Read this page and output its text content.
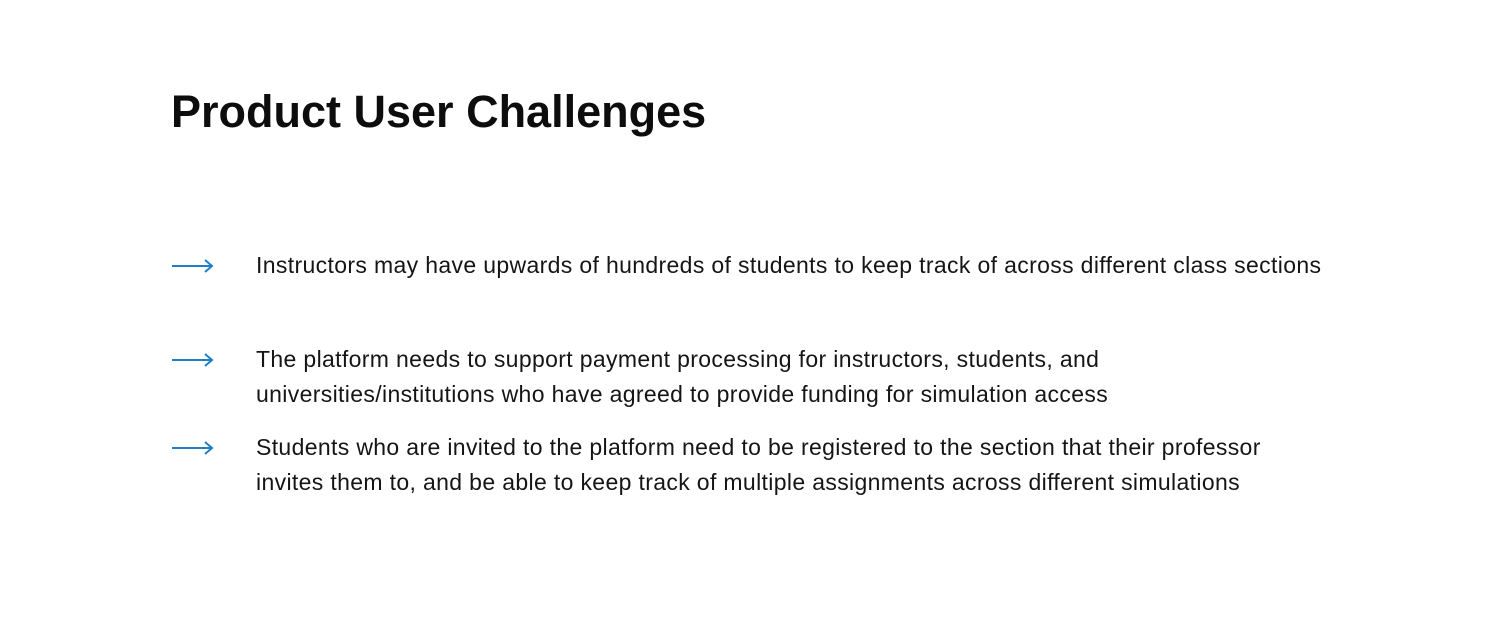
Product User Challenges
Instructors may have upwards of hundreds of students to keep track of across different class sections
The platform needs to support payment processing for instructors, students, and universities/institutions who have agreed to provide funding for simulation access
Students who are invited to the platform need to be registered to the section that their professor invites them to, and be able to keep track of multiple assignments across different simulations
